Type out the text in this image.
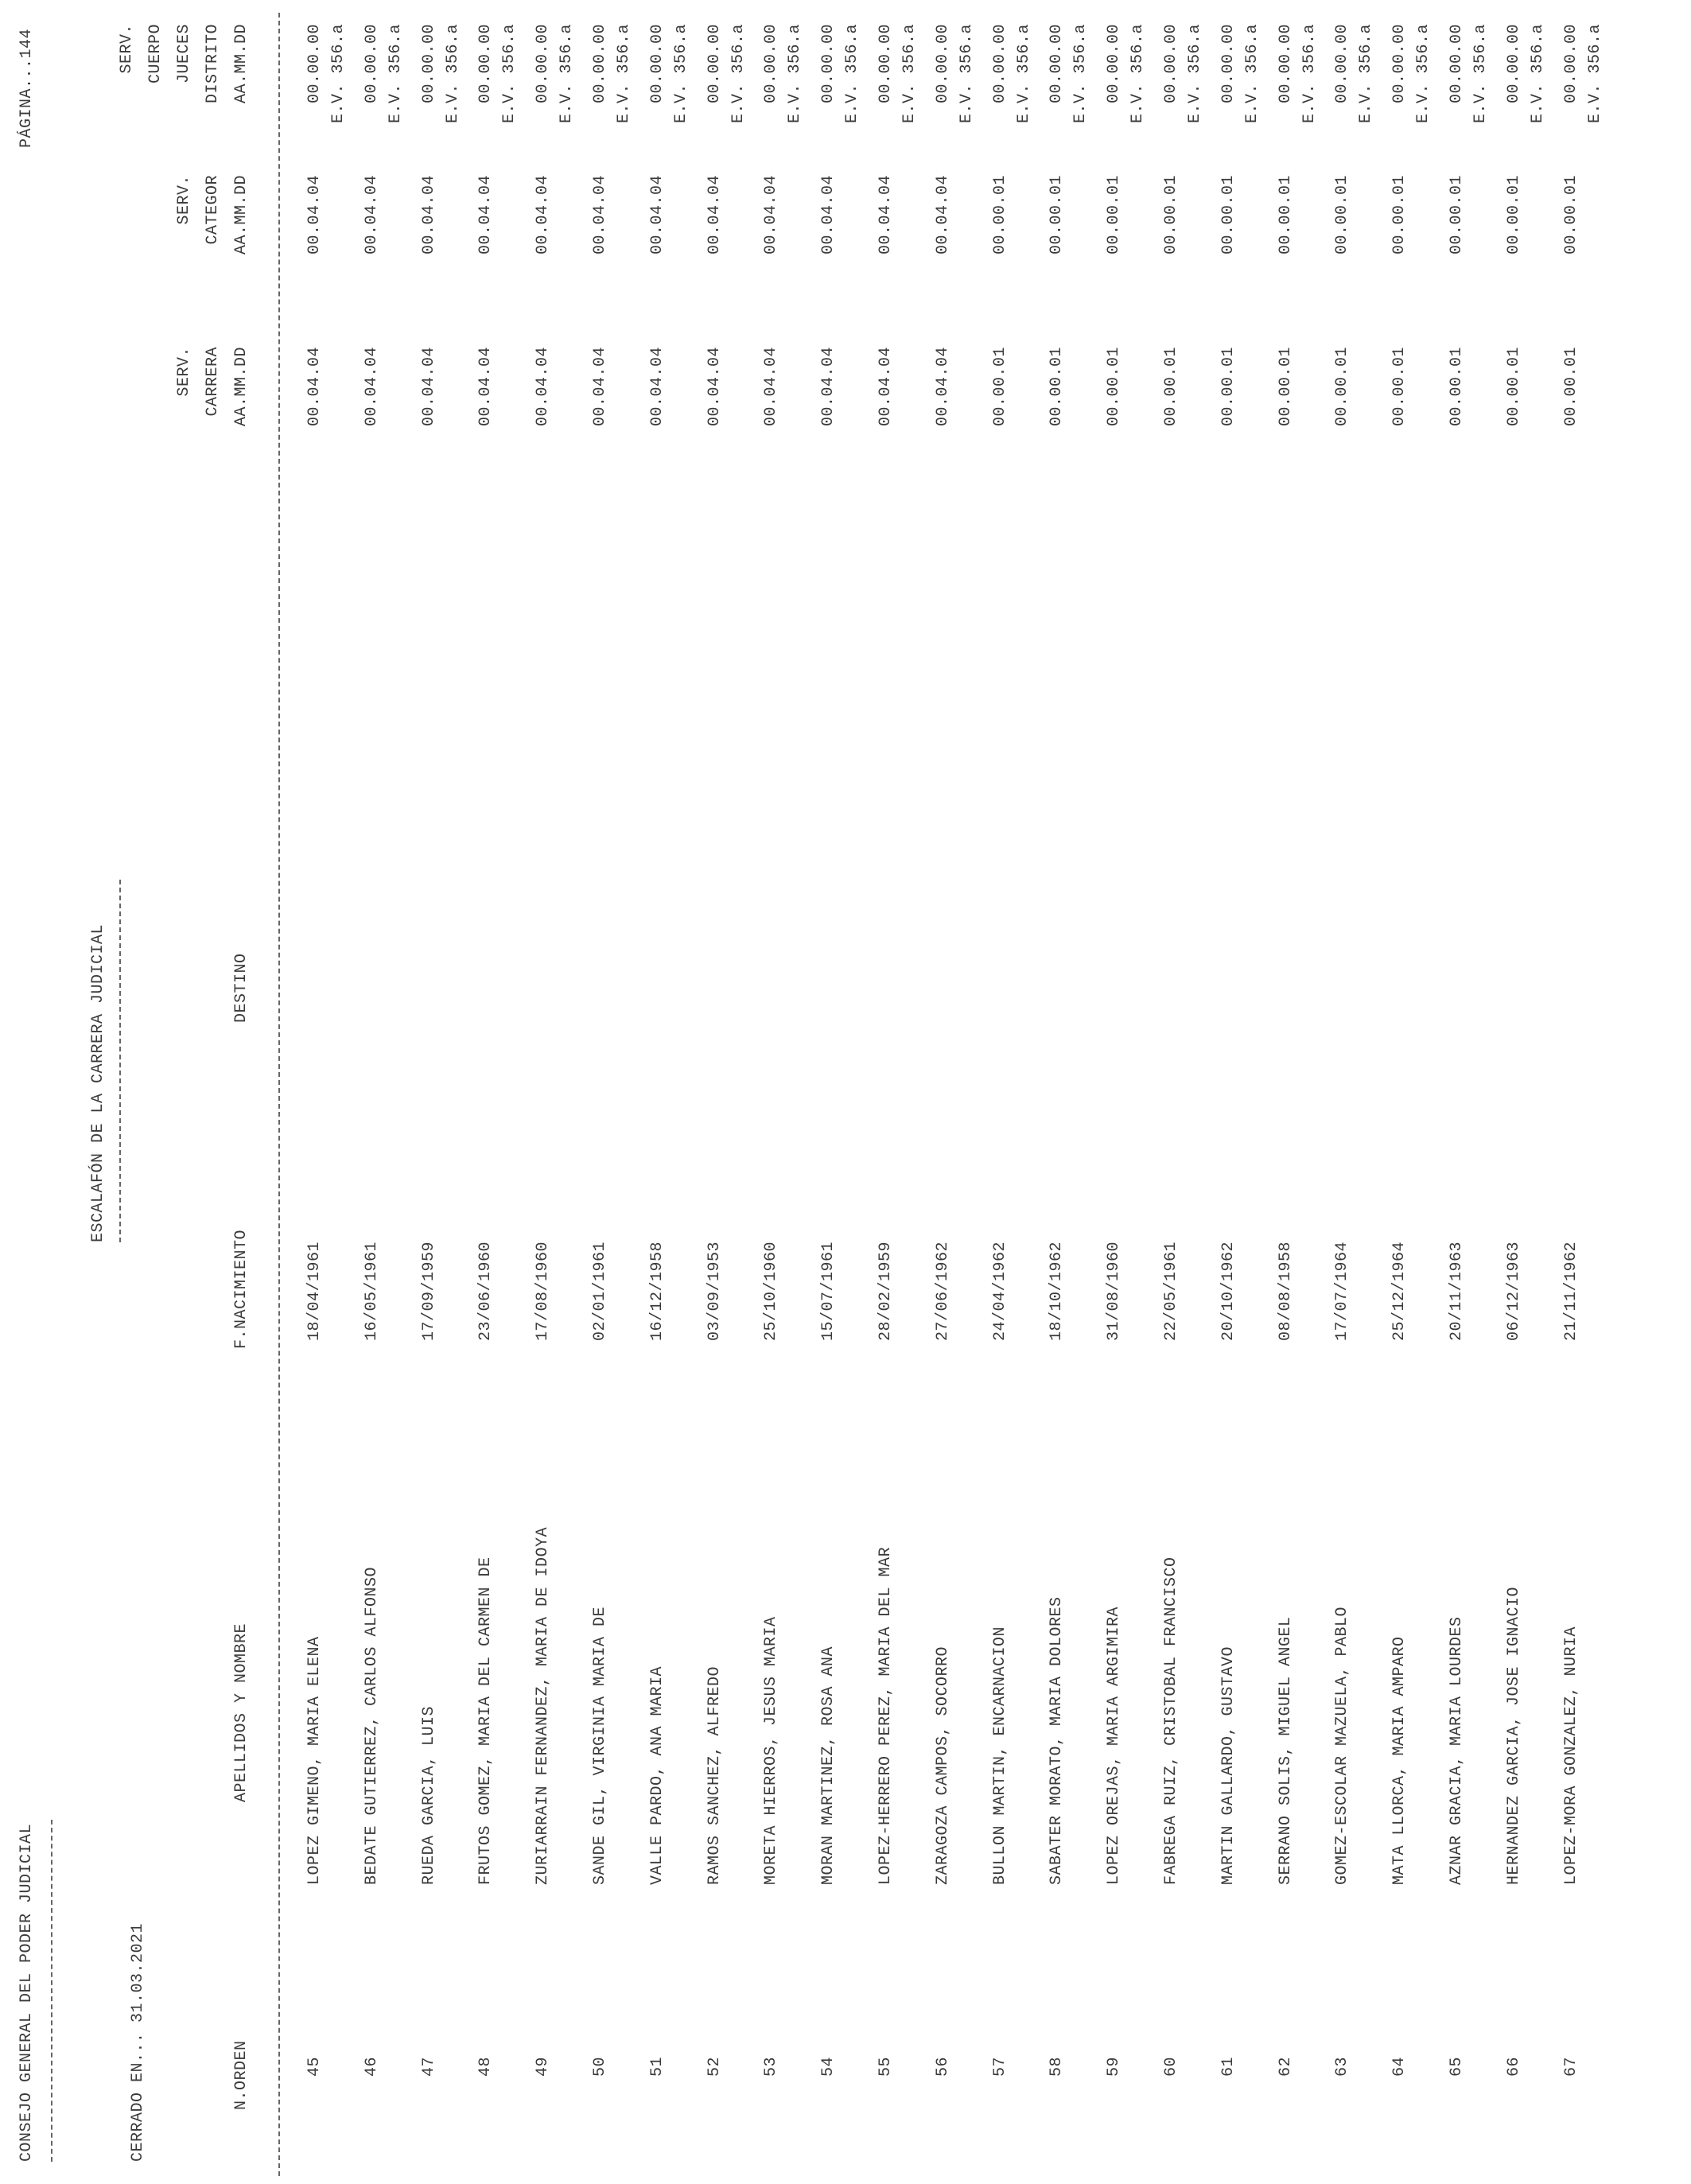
CONSEJO GENERAL DEL PODER JUDICIAL	CERRADO EN... 31.03.2021
ESCALAFÓN DE LA CARRERA JUDICIAL
PÁGINA...
144
N.ORDEN
APELLIDOS Y NOMBRE
F.NACIMIENTO
DESTINO
SERV. CARRERA AA.MM.DD
SERV. CATEGOR AA.MM.DD
SERV. CUERPO JUECES DISTRITO AA.MM.DD
45
LOPEZ GIMENO, MARIA ELENA
18/04/1961
00.04.04
00.04.04
00.00.00 E.V. 356.a
46
BEDATE GUTIERREZ, CARLOS ALFONSO
16/05/1961
00.04.04
00.04.04
00.00.00 E.V. 356.a
47
RUEDA GARCIA, LUIS
17/09/1959
00.04.04
00.04.04
00.00.00 E.V. 356.a
48
FRUTOS GOMEZ, MARIA DEL CARMEN DE
23/06/1960
00.04.04
00.04.04
00.00.00 E.V. 356.a
49
ZURIARRAIN FERNANDEZ, MARIA DE IDOYA
17/08/1960
00.04.04
00.04.04
00.00.00 E.V. 356.a
50
SANDE GIL, VIRGINIA MARIA DE
02/01/1961
00.04.04
00.04.04
00.00.00 E.V. 356.a
51
VALLE PARDO, ANA MARIA
16/12/1958
00.04.04
00.04.04
00.00.00 E.V. 356.a
52
RAMOS SANCHEZ, ALFREDO
03/09/1953
00.04.04
00.04.04
00.00.00 E.V. 356.a
53
MORETA HIERROS, JESUS MARIA
25/10/1960
00.04.04
00.04.04
00.00.00 E.V. 356.a
54
MORAN MARTINEZ, ROSA ANA
15/07/1961
00.04.04
00.04.04
00.00.00 E.V. 356.a
55
LOPEZ-HERRERO PEREZ, MARIA DEL MAR
28/02/1959
00.04.04
00.04.04
00.00.00 E.V. 356.a
56
ZARAGOZA CAMPOS, SOCORRO
27/06/1962
00.04.04
00.04.04
00.00.00 E.V. 356.a
57
BULLON MARTIN, ENCARNACION
24/04/1962
00.00.01
00.00.01
00.00.00 E.V. 356.a
58
SABATER MORATO, MARIA DOLORES
18/10/1962
00.00.01
00.00.01
00.00.00 E.V. 356.a
59
LOPEZ OREJAS, MARIA ARGIMIRA
31/08/1960
00.00.01
00.00.01
00.00.00 E.V. 356.a
60
FABREGA RUIZ, CRISTOBAL FRANCISCO
22/05/1961
00.00.01
00.00.01
00.00.00 E.V. 356.a
61
MARTIN GALLARDO, GUSTAVO
20/10/1962
00.00.01
00.00.01
00.00.00 E.V. 356.a
62
SERRANO SOLIS, MIGUEL ANGEL
08/08/1958
00.00.01
00.00.01
00.00.00 E.V. 356.a
63
GOMEZ-ESCOLAR MAZUELA, PABLO
17/07/1964
00.00.01
00.00.01
00.00.00 E.V. 356.a
64
MATA LLORCA, MARIA AMPARO
25/12/1964
00.00.01
00.00.01
00.00.00 E.V. 356.a
65
AZNAR GRACIA, MARIA LOURDES
20/11/1963
00.00.01
00.00.01
00.00.00 E.V. 356.a
66
HERNANDEZ GARCIA, JOSE IGNACIO
06/12/1963
00.00.01
00.00.01
00.00.00 E.V. 356.a
67
LOPEZ-MORA GONZALEZ, NURIA
21/11/1962
00.00.01
00.00.01
00.00.00 E.V. 356.a
